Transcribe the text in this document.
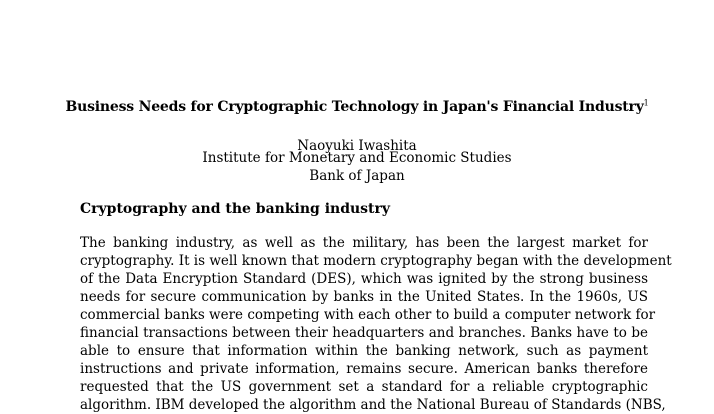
Business Needs for Cryptographic Technology in Japan's Financial Industry$^1$
Naoyuki Iwashita
Institute for Monetary and Economic Studies
Bank of Japan
Cryptography and the banking industry
The banking industry, as well as the military, has been the largest market for
cryptography. It is well known that modern cryptography began with the development
of the Data Encryption Standard (DES), which was ignited by the strong business
needs for secure communication by banks in the United States. In the 1960s, US
commercial banks were competing with each other to build a computer network for
financial transactions between their headquarters and branches. Banks have to be
able to ensure that information within the banking network, such as payment
instructions and private information, remains secure. American banks therefore
requested that the US government set a standard for a reliable cryptographic
algorithm. IBM developed the algorithm and the National Bureau of Standards (NBS,
